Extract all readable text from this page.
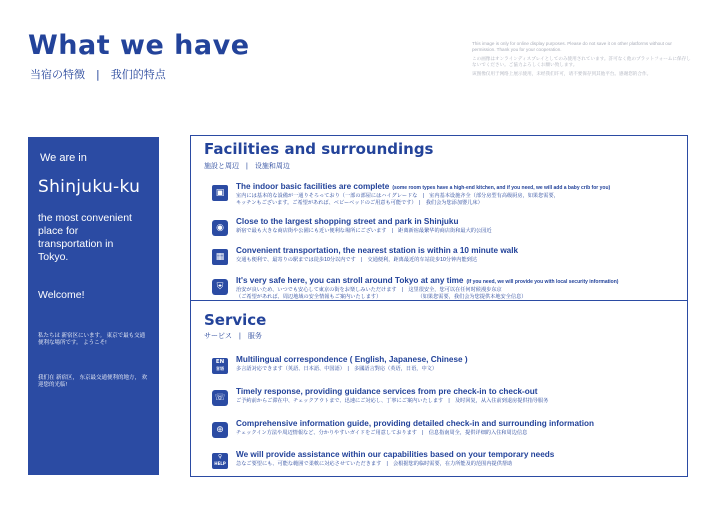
What we have
当宿の特徴　|　我们的特点

This image is only for online display purposes. Please do not save it on other platforms without our permission. Thank you for your cooperation.

この画像はオンラインディスプレイとしてのみ使用されています。許可なく他のプラットフォームに保存しないでください。ご協力よろしくお願い致します。

该图像仅用于网络上展示使用，未经我们许可，请不要保存到其他平台。感谢您的合作。

We are in
Shinjuku-ku
the most convenient place for transportation in Tokyo.
Welcome!
私たちは 新宿区にいます。 東京で最も交通便利な場所です。 ようこそ!
我们在 新宿区， 东京最交通便利的地方， 欢迎您的光临!
Facilities and surroundings
施設と周辺　|　设施和周边
▣
The indoor basic facilities are complete (some room types have a high-end kitchen, and if you need, we will add a baby crib for you)
室内には基本的な設備が一通りそろっており（一部の部屋にはハイグレードな　|　室内基本设施齐全（部分房型有高级厨房，如果您需要，
キッチンもございます。ご希望があれば、ベビーベッドのご用意も可能です）　|　我们会为您添加婴儿床）
◉
Close to the largest shopping street and park in Shinjuku
新宿で最も大きな商店街や公園にも近い便利な場所にございます　|　距离新宿最繁华的商店街和最大的公园近
▦
Convenient transportation, the nearest station is within a 10 minute walk
交通も便利で、最寄りの駅までは徒歩10分以内です　|　交通便利，距离最近的车站徒步10分钟内能到达
⛨
It's very safe here, you can stroll around Tokyo at any time (If you need, we will provide you with local security information)
治安が良いため、いつでも安心して東京の街をお楽しみいただけます　|　这里很安全，您可以在任何时候漫步东京
（ご希望があれば、周辺地域の安全情報もご案内いたします）　　　　　　　　（如果您需要，我们会为您提供本地安全信息）
Service
サービス　|　服务
EN
言语
Multilingual correspondence ( English, Japanese, Chinese )
多言語対応できます（英語、日本語、中国語）　|　多國語言對応（英语，日语，中文）
☏
Timely response, providing guidance services from pre check-in to check-out
ご予約前からご滞在中、チェックアウトまで、迅速にご対応し、丁寧にご案内いたします　|　及时回复，从入住前到退房提供指导服务
⊕
Comprehensive information guide, providing detailed check-in and surrounding information
チェックイン方法や周辺情報など、分かりやすいガイドをご用意しております　|　信息指南周全，提供详细的入住和周边信息
♀
HELP
We will provide assistance within our capabilities based on your temporary needs
急なご要望にも、可能な範囲で柔軟に対応させていただきます　|　会根据您的临时需要，在力所能及的范围内提供帮助
